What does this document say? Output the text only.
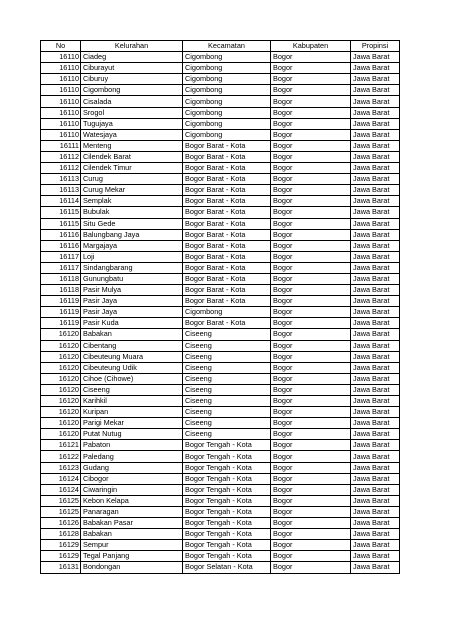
No	Kelurahan	Kecamatan	Kabupaten	Propinsi
16110	Ciadeg	Cigombong	Bogor	Jawa Barat
16110	Ciburayut	Cigombong	Bogor	Jawa Barat
16110	Ciburuy	Cigombong	Bogor	Jawa Barat
16110	Cigombong	Cigombong	Bogor	Jawa Barat
16110	Cisalada	Cigombong	Bogor	Jawa Barat
16110	Srogol	Cigombong	Bogor	Jawa Barat
16110	Tugujaya	Cigombong	Bogor	Jawa Barat
16110	Watesjaya	Cigombong	Bogor	Jawa Barat
16111	Menteng	Bogor Barat - Kota	Bogor	Jawa Barat
16112	Cilendek Barat	Bogor Barat - Kota	Bogor	Jawa Barat
16112	Cilendek Timur	Bogor Barat - Kota	Bogor	Jawa Barat
16113	Curug	Bogor Barat - Kota	Bogor	Jawa Barat
16113	Curug Mekar	Bogor Barat - Kota	Bogor	Jawa Barat
16114	Semplak	Bogor Barat - Kota	Bogor	Jawa Barat
16115	Bubulak	Bogor Barat - Kota	Bogor	Jawa Barat
16115	Situ Gede	Bogor Barat - Kota	Bogor	Jawa Barat
16116	Balungbang Jaya	Bogor Barat - Kota	Bogor	Jawa Barat
16116	Margajaya	Bogor Barat - Kota	Bogor	Jawa Barat
16117	Loji	Bogor Barat - Kota	Bogor	Jawa Barat
16117	Sindangbarang	Bogor Barat - Kota	Bogor	Jawa Barat
16118	Gunungbatu	Bogor Barat - Kota	Bogor	Jawa Barat
16118	Pasir Mulya	Bogor Barat - Kota	Bogor	Jawa Barat
16119	Pasir Jaya	Bogor Barat - Kota	Bogor	Jawa Barat
16119	Pasir Jaya	Cigombong	Bogor	Jawa Barat
16119	Pasir Kuda	Bogor Barat - Kota	Bogor	Jawa Barat
16120	Babakan	Ciseeng	Bogor	Jawa Barat
16120	Cibentang	Ciseeng	Bogor	Jawa Barat
16120	Cibeuteung Muara	Ciseeng	Bogor	Jawa Barat
16120	Cibeuteung Udik	Ciseeng	Bogor	Jawa Barat
16120	Cihoe (Cihowe)	Ciseeng	Bogor	Jawa Barat
16120	Ciseeng	Ciseeng	Bogor	Jawa Barat
16120	Karihkil	Ciseeng	Bogor	Jawa Barat
16120	Kuripan	Ciseeng	Bogor	Jawa Barat
16120	Parigi Mekar	Ciseeng	Bogor	Jawa Barat
16120	Putat Nutug	Ciseeng	Bogor	Jawa Barat
16121	Pabaton	Bogor Tengah - Kota	Bogor	Jawa Barat
16122	Paledang	Bogor Tengah - Kota	Bogor	Jawa Barat
16123	Gudang	Bogor Tengah - Kota	Bogor	Jawa Barat
16124	Cibogor	Bogor Tengah - Kota	Bogor	Jawa Barat
16124	Ciwaringin	Bogor Tengah - Kota	Bogor	Jawa Barat
16125	Kebon Kelapa	Bogor Tengah - Kota	Bogor	Jawa Barat
16125	Panaragan	Bogor Tengah - Kota	Bogor	Jawa Barat
16126	Babakan Pasar	Bogor Tengah - Kota	Bogor	Jawa Barat
16128	Babakan	Bogor Tengah - Kota	Bogor	Jawa Barat
16129	Sempur	Bogor Tengah - Kota	Bogor	Jawa Barat
16129	Tegal Panjang	Bogor Tengah - Kota	Bogor	Jawa Barat
16131	Bondongan	Bogor Selatan - Kota	Bogor	Jawa Barat
